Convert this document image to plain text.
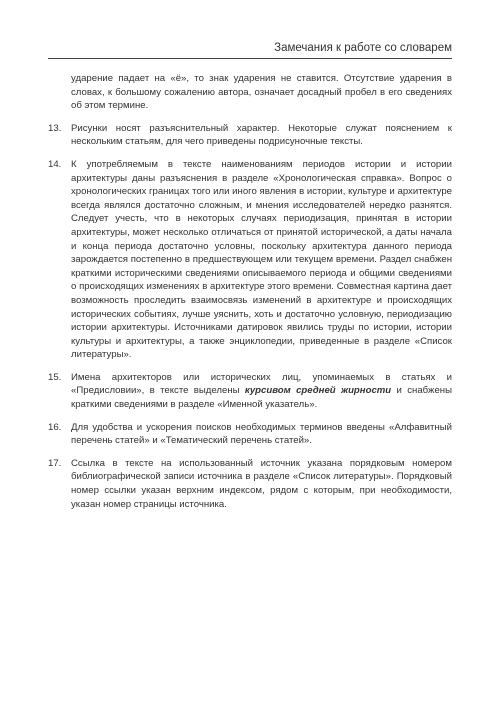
Замечания к работе со словарем
ударение падает на «ё», то знак ударения не ставится. Отсутствие ударения в словах, к большому сожалению автора, означает досадный пробел в его сведениях об этом термине.
13. Рисунки носят разъяснительный характер. Некоторые служат пояснением к нескольким статьям, для чего приведены подрисуночные тексты.
14. К употребляемым в тексте наименованиям периодов истории и истории архитектуры даны разъяснения в разделе «Хронологическая справка». Вопрос о хронологических границах того или иного явления в истории, культуре и архитектуре всегда являлся достаточно сложным, и мнения исследователей нередко разнятся. Следует учесть, что в некоторых случаях периодизация, принятая в истории архитектуры, может несколько отличаться от принятой исторической, а даты начала и конца периода достаточно условны, поскольку архитектура данного периода зарождается постепенно в предшествующем или текущем времени. Раздел снабжен краткими историческими сведениями описываемого периода и общими сведениями о происходящих изменениях в архитектуре этого времени. Совместная картина дает возможность проследить взаимосвязь изменений в архитектуре и происходящих исторических событиях, лучше уяснить, хоть и достаточно условную, периодизацию истории архитектуры. Источниками датировок явились труды по истории, истории культуры и архитектуры, а также энциклопедии, приведенные в разделе «Список литературы».
15. Имена архитекторов или исторических лиц, упоминаемых в статьях и «Предисловии», в тексте выделены курсивом средней жирности и снабжены краткими сведениями в разделе «Именной указатель».
16. Для удобства и ускорения поисков необходимых терминов введены «Алфавитный перечень статей» и «Тематический перечень статей».
17. Ссылка в тексте на использованный источник указана порядковым номером библиографической записи источника в разделе «Список литературы». Порядковый номер ссылки указан верхним индексом, рядом с которым, при необходимости, указан номер страницы источника.
